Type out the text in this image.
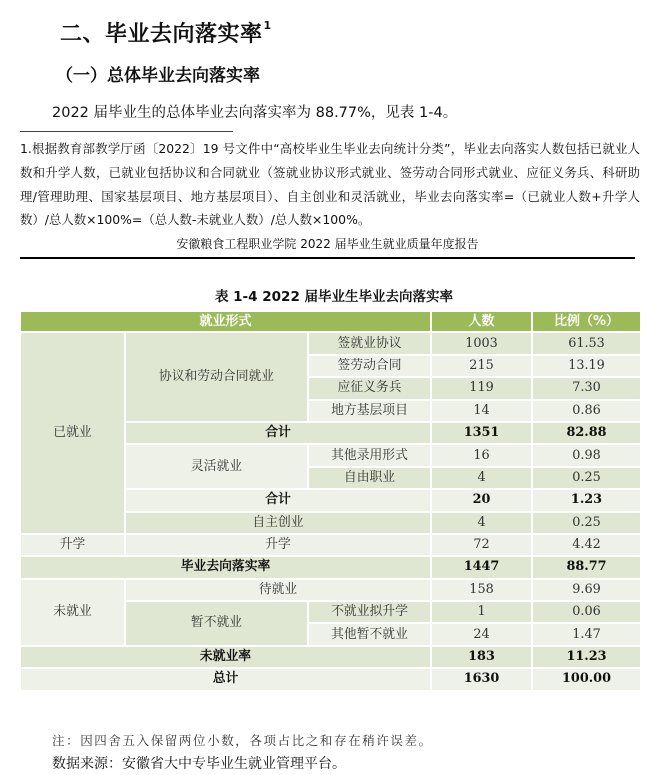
二、毕业去向落实率$^1$
（一）总体毕业去向落实率
2022 届毕业生的总体毕业去向落实率为 88.77%，见表 1-4。
1.根据教育部教学厅函〔2022〕19 号文件中“高校毕业生毕业去向统计分类”，毕业去向落实人数包括已就业人数和升学人数，已就业包括协议和合同就业（签就业协议形式就业、签劳动合同形式就业、应征义务兵、科研助理/管理助理、国家基层项目、地方基层项目）、自主创业和灵活就业，毕业去向落实率=（已就业人数+升学人数）/总人数×100%=（总人数-未就业人数）/总人数×100%。
安徽粮食工程职业学院 2022 届毕业生就业质量年度报告
表 1-4 2022 届毕业生毕业去向落实率
就业形式			人数	比例（%）
已就业	协议和劳动合同就业	签就业协议	1003	61.53
		签劳动合同	215	13.19
		应征义务兵	119	7.30
		地方基层项目	14	0.86
	合计		1351	82.88
	灵活就业	其他录用形式	16	0.98
		自由职业	4	0.25
	合计		20	1.23
	自主创业		4	0.25
升学	升学		72	4.42
毕业去向落实率			1447	88.77
未就业	待就业		158	9.69
	暂不就业	不就业拟升学	1	0.06
		其他暂不就业	24	1.47
未就业率			183	11.23
总计			1630	100.00
注：因四舍五入保留两位小数，各项占比之和存在稍许误差。
数据来源：安徽省大中专毕业生就业管理平台。
